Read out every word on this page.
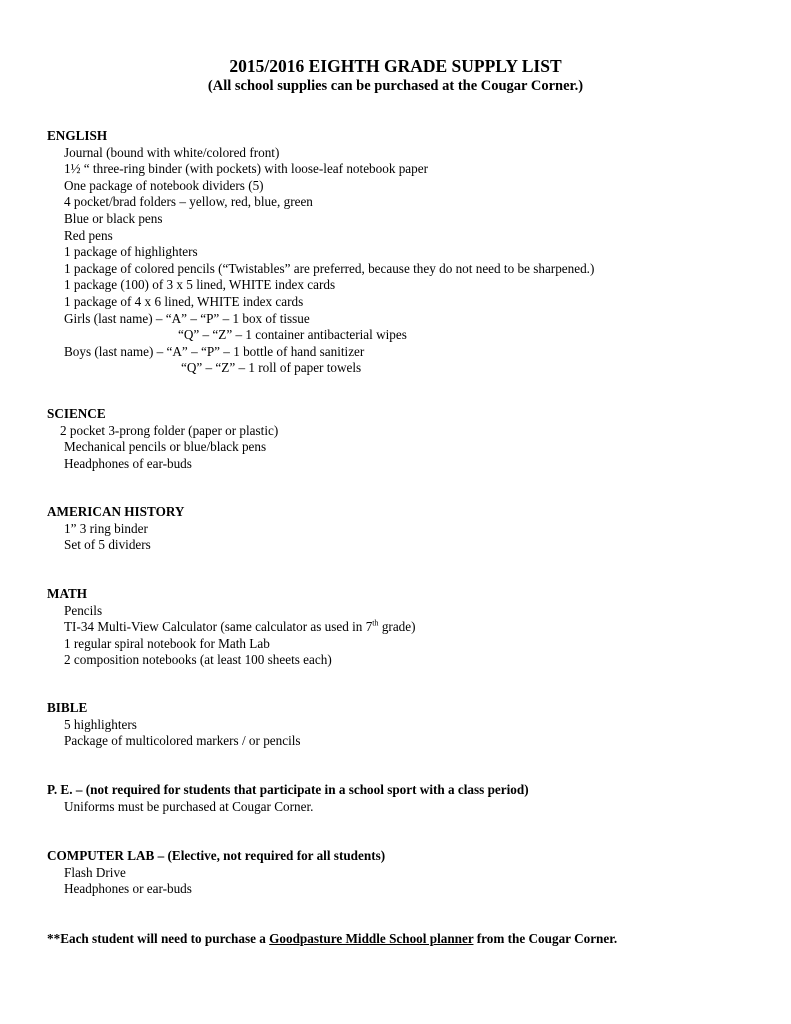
2015/2016 EIGHTH GRADE SUPPLY LIST
(All school supplies can be purchased at the Cougar Corner.)
ENGLISH
Journal (bound with white/colored front)
1½ “ three-ring binder (with pockets) with loose-leaf notebook paper
One package of notebook dividers (5)
4 pocket/brad folders – yellow, red, blue, green
Blue or black pens
Red pens
1 package of highlighters
1 package of colored pencils (“Twistables” are preferred, because they do not need to be sharpened.)
1 package (100) of 3 x 5 lined, WHITE index cards
1 package of 4 x 6 lined, WHITE index cards
Girls (last name) – “A” – “P” – 1 box of tissue
“Q” – “Z” – 1 container antibacterial wipes
Boys (last name) – “A” – “P” – 1 bottle of hand sanitizer
“Q” – “Z” – 1 roll of paper towels
SCIENCE
2 pocket 3-prong folder (paper or plastic)
Mechanical pencils or blue/black pens
Headphones of ear-buds
AMERICAN HISTORY
1” 3 ring binder
Set of 5 dividers
MATH
Pencils
TI-34 Multi-View Calculator (same calculator as used in 7th grade)
1 regular spiral notebook for Math Lab
2 composition notebooks (at least 100 sheets each)
BIBLE
5 highlighters
Package of multicolored markers / or pencils
P. E. – (not required for students that participate in a school sport with a class period)
Uniforms must be purchased at Cougar Corner.
COMPUTER LAB – (Elective, not required for all students)
Flash Drive
Headphones or ear-buds
**Each student will need to purchase a Goodpasture Middle School planner from the Cougar Corner.
